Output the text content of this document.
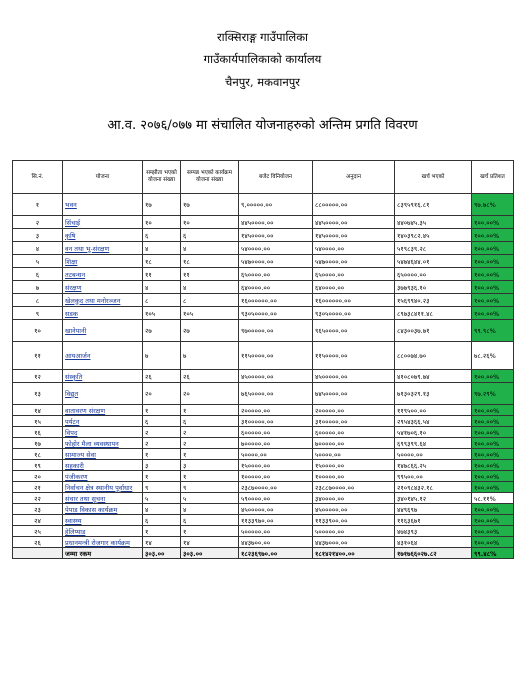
राक्सिराङ्ग गाउँपालिका
गाउँकार्यपालिकाको कार्यालय
चैनपुर, मकवानपुर
आ.व. २०७६/०७७ मा संचालित योजनाहरुको अन्तिम प्रगति विवरण
सि.नं.	योजना	सम्झौता भएको योजना संख्या	सम्पन्न भएको कार्यक्रम योजना संख्या	बजेट विनियोजन	अनुदान	खर्च भएको	खर्च प्रतिशत
१	भवन	१७	१७	९,०००००.००	८८०००००.००	८३९५९१६.८१	९७.७८%
२	सिंचाई	१०	१०	४४५००००.००	४४५००००.००	४४०७४५.३५	१००.००%
३	कृषि	६	६	१४५००००.००	१४५००००.००	१४०३९८२.४५	१००.००%
४	वन तथा भू-संरक्षण	४	४	५४००००.००	५४००००.००	५१९८३९.२८	१००.००%
५	शिक्षा	१८	१८	५४७००००.००	५४७००००.००	५४७४६४४.०१	१००.००%
६	तटबन्धन	११	११	६५००००.००	६५००००.००	६५००००.००	१००.००%
७	संरक्षण	४	४	६४००००.००	६४००००.००	३७७९३६.१०	१००.००%
८	खेलकुद तथा मनोरञ्जन	८	८	१६००००००.००	१६००००००.००	१५६९९४०.२३	१००.००%
९	सडक	१०५	१०५	९३०५००००.००	९३०५००००.००	८९७३८४११.४८	१००.००%
१०	खानेपानी	२७	२७	९७०००००.००	९६५००००.००	८४३००३७.७१	९९.९८%
११	आयआर्जन	७	७	११५००००.००	११५००००.००	८८००७४.७०	७८.२६%
१२	संस्कृति	२६	२६	४५०००००.००	४५०००००.००	४१०८०७९.७४	१००.००%
१३	विद्युत	२०	२०	७६५००००.००	७४५००००.००	७१३०३२९.१३	९७.२९%
१४	वातावरण संरक्षण	१	१	२०००००.००	२०००००.००	११९५००.००	१००.००%
१५	पर्यटन	६	६	३१०००००.००	३१०००००.००	२९५४३६६.५४	१००.००%
१६	विपद	२	२	६०००००.००	६०००००.००	५४१७०६.१०	१००.००%
१७	फोहोर मैला व्यवस्थापन	२	२	७०००००.००	७०००००.००	६९९३९९.६४	१००.००%
१८	सामाज्य सेवा	१	१	५००००.००	५००००.००	५००००.००	१००.००%
१९	सहकारी	३	३	१५००००.००	१५००००.००	१४७८६६.२५	१००.००%
२०	पंजीकरण	१	१	१०००००.००	१०००००.००	९९५००.००	१००.००%
२१	निर्वाचन क्षेत्र स्थानीय पूर्वाधार	९	९	२३८७००००.००	२३८८७००००.००	२१०९८४३२.१८	१००.००%
२२	संचार तथा सूचना	५	५	५९००००.००	३४००००.००	३४०१४५.१२	५८.११%
२३	पेपाड विकास कार्यक्रम	४	४	४५०००००.००	४५०००००.००	४४९६९७	१००.००%
२४	स्वास्थ्य	६	६	११३३९७०.००	११३३९००.००	११६३६७१	१००.००%
२५	हेलिप्याड	१	१	५०००००.००	५०००००.००	४७४३९३	१००.००%
२६	प्रधानमन्त्री रोजगार कार्यक्रम	१४	१४	४४३७००.००	४४३७०००.००	४३१०६४	१००.००%
	जम्मा रकम	३०३.००	३०३.००	१८२३६९७०.००	१८१४२१४००.००	१७१७६६०२७.८२	९९.४८%
